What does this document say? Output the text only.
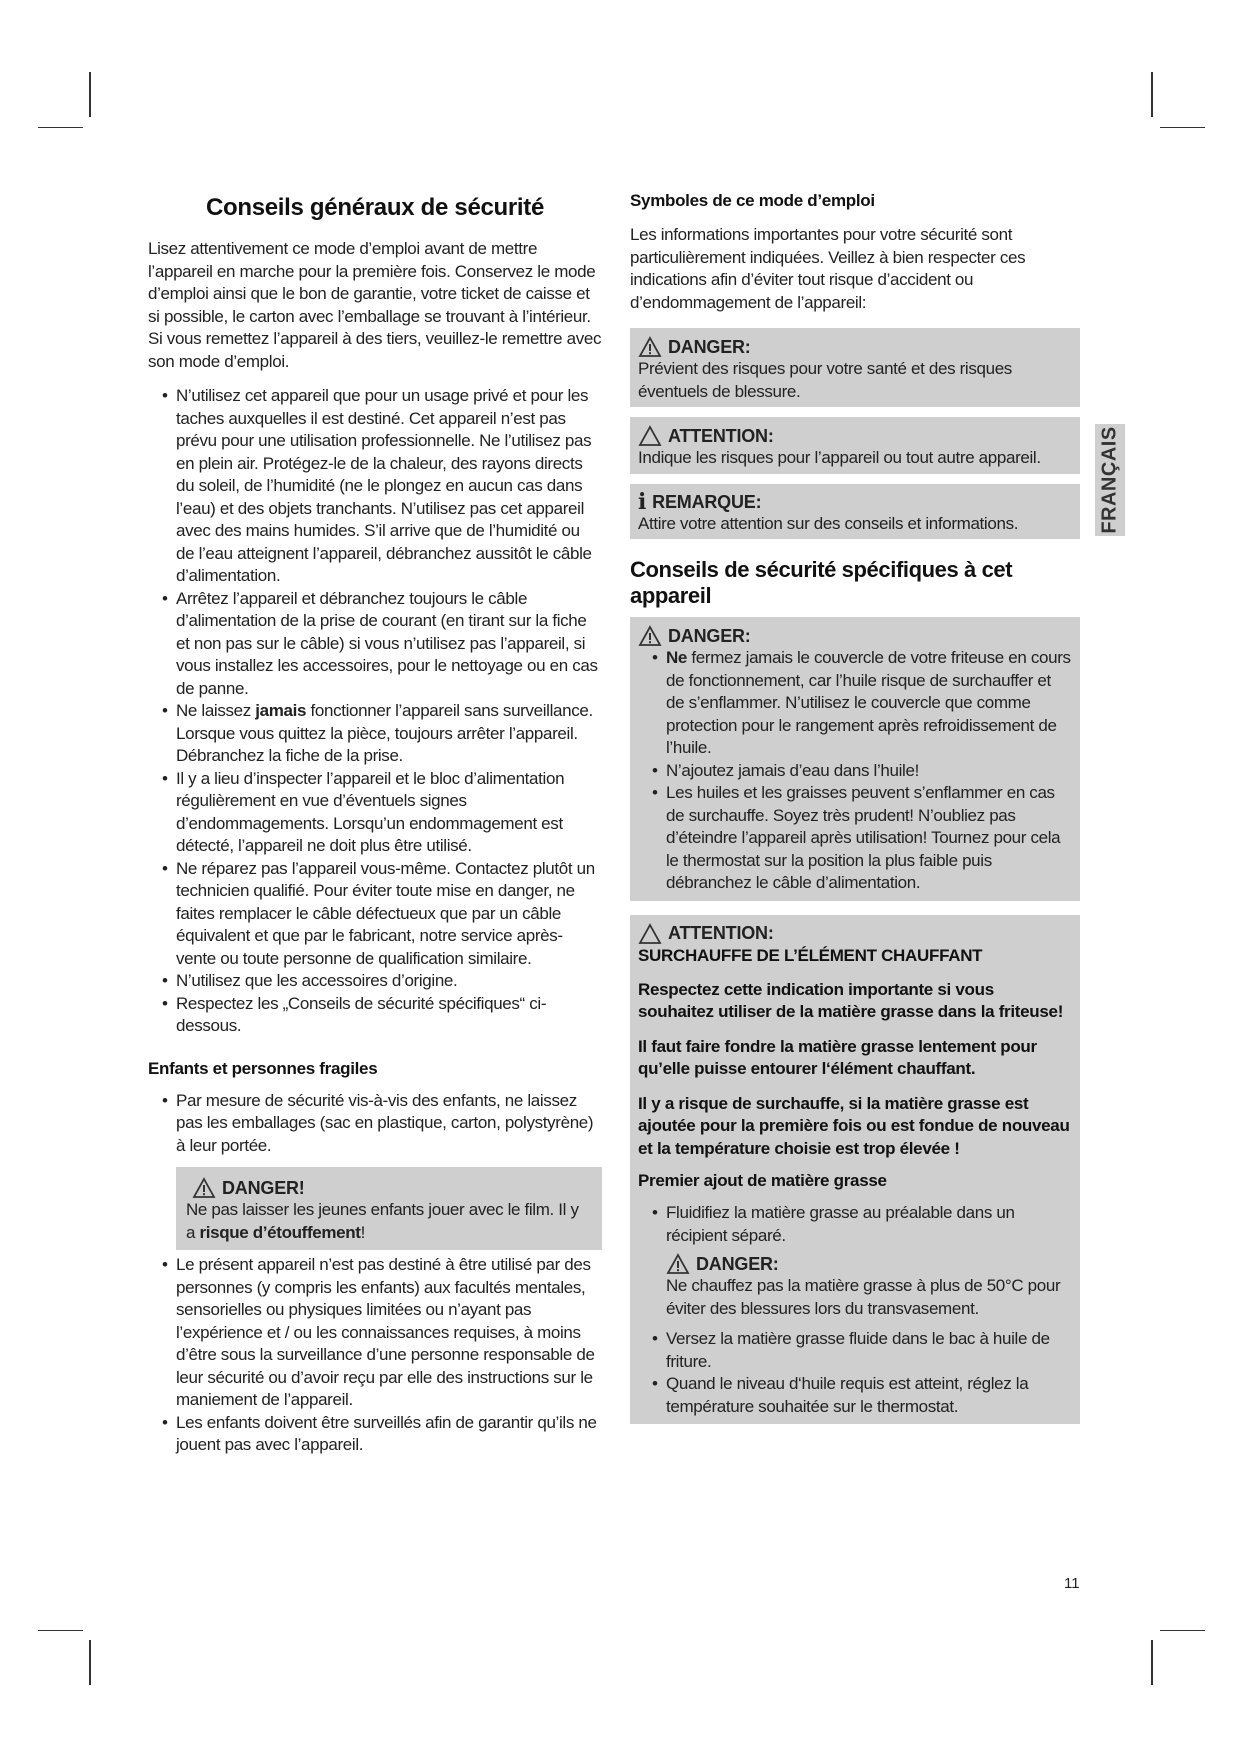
Conseils généraux de sécurité

Lisez attentivement ce mode d’emploi avant de mettre l’appareil en marche pour la première fois. Conservez le mode d’emploi ainsi que le bon de garantie, votre ticket de caisse et si possible, le carton avec l’emballage se trouvant à l’intérieur. Si vous remettez l’appareil à des tiers, veuillez-le remettre avec son mode d’emploi.

• N’utilisez cet appareil que pour un usage privé et pour les taches auxquelles il est destiné. Cet appareil n’est pas prévu pour une utilisation professionnelle. Ne l’utilisez pas en plein air. Protégez-le de la chaleur, des rayons directs du soleil, de l’humidité (ne le plongez en aucun cas dans l’eau) et des objets tranchants. N’utilisez pas cet appareil avec des mains humides. S’il arrive que de l’humidité ou de l’eau atteignent l’appareil, débranchez aussitôt le câble d’alimentation.
• Arrêtez l’appareil et débranchez toujours le câble d’alimentation de la prise de courant (en tirant sur la fiche et non pas sur le câble) si vous n’utilisez pas l’appareil, si vous installez les accessoires, pour le nettoyage ou en cas de panne.
• Ne laissez jamais fonctionner l’appareil sans surveillance. Lorsque vous quittez la pièce, toujours arrêter l’appareil. Débranchez la fiche de la prise.
• Il y a lieu d’inspecter l’appareil et le bloc d’alimentation régulièrement en vue d’éventuels signes d’endommagements. Lorsqu’un endommagement est détecté, l’appareil ne doit plus être utilisé.
• Ne réparez pas l’appareil vous-même. Contactez plutôt un technicien qualifié. Pour éviter toute mise en danger, ne faites remplacer le câble défectueux que par un câble équivalent et que par le fabricant, notre service après-vente ou toute personne de qualification similaire.
• N’utilisez que les accessoires d’origine.
• Respectez les „Conseils de sécurité spécifiques“ ci-dessous.
Enfants et personnes fragiles
• Par mesure de sécurité vis-à-vis des enfants, ne laissez pas les emballages (sac en plastique, carton, polystyrène) à leur portée.
DANGER!

Ne pas laisser les jeunes enfants jouer avec le film. Il y a risque d’étouffement!

• Le présent appareil n’est pas destiné à être utilisé par des personnes (y compris les enfants) aux facultés mentales, sensorielles ou physiques limitées ou n’ayant pas l’expérience et / ou les connaissances requises, à moins d’être sous la surveillance d’une personne responsable de leur sécurité ou d’avoir reçu par elle des instructions sur le maniement de l’appareil.
• Les enfants doivent être surveillés afin de garantir qu’ils ne jouent pas avec l’appareil.
Symboles de ce mode d’emploi

Les informations importantes pour votre sécurité sont particulièrement indiquées. Veillez à bien respecter ces indications afin d’éviter tout risque d’accident ou d’endommagement de l’appareil:

DANGER:

Prévient des risques pour votre santé et des risques éventuels de blessure.

ATTENTION:

Indique les risques pour l’appareil ou tout autre appareil.

i REMARQUE:

Attire votre attention sur des conseils et informations.

Conseils de sécurité spécifiques à cet appareil
DANGER:
• Ne fermez jamais le couvercle de votre friteuse en cours de fonctionnement, car l’huile risque de surchauffer et de s’enflammer. N’utilisez le couvercle que comme protection pour le rangement après refroidissement de l’huile.
• N’ajoutez jamais d’eau dans l’huile!
• Les huiles et les graisses peuvent s’enflammer en cas de surchauffe. Soyez très prudent! N’oubliez pas d’éteindre l’appareil après utilisation! Tournez pour cela le thermostat sur la position la plus faible puis débranchez le câble d’alimentation.
ATTENTION:
SURCHAUFFE DE L’ÉLÉMENT CHAUFFANT

Respectez cette indication importante si vous souhaitez utiliser de la matière grasse dans la friteuse!

Il faut faire fondre la matière grasse lentement pour qu’elle puisse entourer l‘élément chauffant.

Il y a risque de surchauffe, si la matière grasse est ajoutée pour la première fois ou est fondue de nouveau et la température choisie est trop élevée !

Premier ajout de matière grasse
• Fluidifiez la matière grasse au préalable dans un récipient séparé.
DANGER:

Ne chauffez pas la matière grasse à plus de 50°C pour éviter des blessures lors du transvasement.

• Versez la matière grasse fluide dans le bac à huile de friture.
• Quand le niveau d‘huile requis est atteint, réglez la température souhaitée sur le thermostat.
FRANÇAIS
11
